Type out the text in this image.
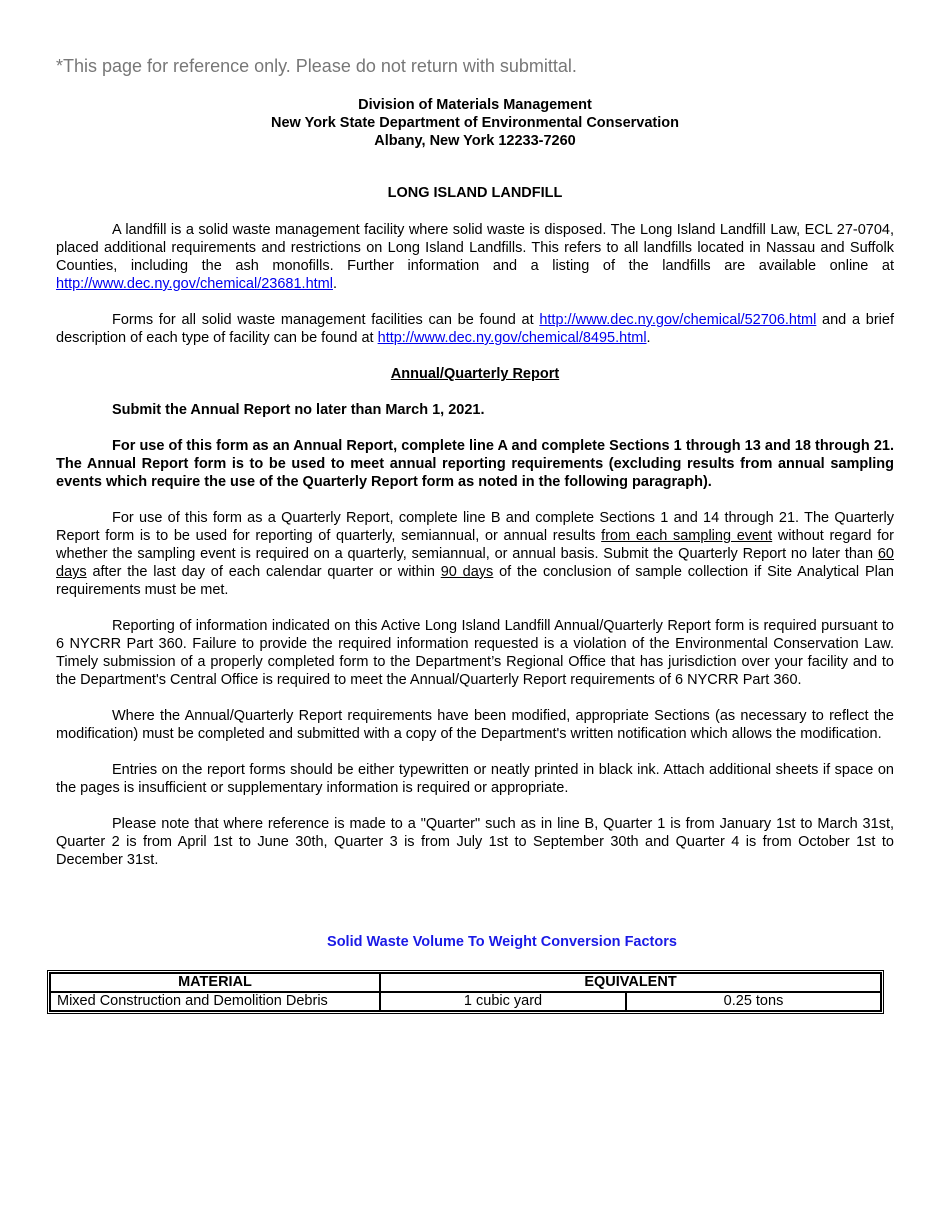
*This page for reference only. Please do not return with submittal.
Division of Materials Management
New York State Department of Environmental Conservation
Albany, New York 12233-7260
LONG ISLAND LANDFILL

A landfill is a solid waste management facility where solid waste is disposed. The Long Island Landfill Law, ECL 27-0704, placed additional requirements and restrictions on Long Island Landfills. This refers to all landfills located in Nassau and Suffolk Counties, including the ash monofills. Further information and a listing of the landfills are available online at http://www.dec.ny.gov/chemical/23681.html.

Forms for all solid waste management facilities can be found at http://www.dec.ny.gov/chemical/52706.html and a brief description of each type of facility can be found at http://www.dec.ny.gov/chemical/8495.html.

Annual/Quarterly Report

Submit the Annual Report no later than March 1, 2021.

For use of this form as an Annual Report, complete line A and complete Sections 1 through 13 and 18 through 21. The Annual Report form is to be used to meet annual reporting requirements (excluding results from annual sampling events which require the use of the Quarterly Report form as noted in the following paragraph).

For use of this form as a Quarterly Report, complete line B and complete Sections 1 and 14 through 21. The Quarterly Report form is to be used for reporting of quarterly, semiannual, or annual results from each sampling event without regard for whether the sampling event is required on a quarterly, semiannual, or annual basis. Submit the Quarterly Report no later than 60 days after the last day of each calendar quarter or within 90 days of the conclusion of sample collection if Site Analytical Plan requirements must be met.

Reporting of information indicated on this Active Long Island Landfill Annual/Quarterly Report form is required pursuant to 6 NYCRR Part 360. Failure to provide the required information requested is a violation of the Environmental Conservation Law. Timely submission of a properly completed form to the Department’s Regional Office that has jurisdiction over your facility and to the Department's Central Office is required to meet the Annual/Quarterly Report requirements of 6 NYCRR Part 360.

Where the Annual/Quarterly Report requirements have been modified, appropriate Sections (as necessary to reflect the modification) must be completed and submitted with a copy of the Department's written notification which allows the modification.

Entries on the report forms should be either typewritten or neatly printed in black ink. Attach additional sheets if space on the pages is insufficient or supplementary information is required or appropriate.

Please note that where reference is made to a "Quarter" such as in line B, Quarter 1 is from January 1st to March 31st, Quarter 2 is from April 1st to June 30th, Quarter 3 is from July 1st to September 30th and Quarter 4 is from October 1st to December 31st.

Solid Waste Volume To Weight Conversion Factors
MATERIAL	EQUIVALENT	
Mixed Construction and Demolition Debris	1 cubic yard	0.25 tons
